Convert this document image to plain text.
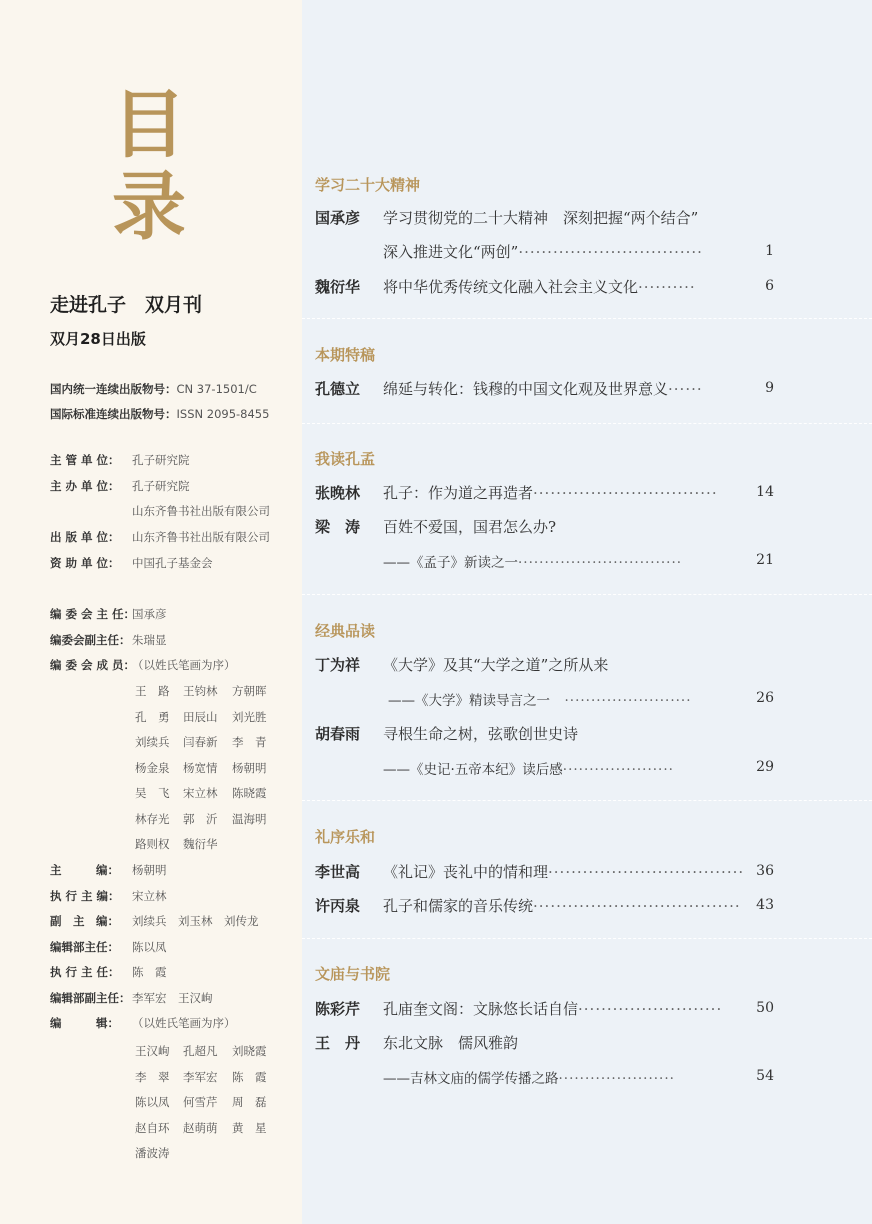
目
录
走进孔子　双月刊
双月28日出版
国内统一连续出版物号：CN 37-1501/C
国际标准连续出版物号：ISSN 2095-8455
主 管 单 位： 孔子研究院
主 办 单 位： 孔子研究院
山东齐鲁书社出版有限公司
出 版 单 位： 山东齐鲁书社出版有限公司
资 助 单 位： 中国孔子基金会
编 委 会 主 任：国承彦
编委会副主任： 朱瑞显
编 委 会 成 员：（以姓氏笔画为序）
王　路 王钧林 方朝晖
孔　勇 田辰山 刘光胜
刘续兵 闫春新 李　青
杨金泉 杨宽情 杨朝明
吴　飞 宋立林 陈晓霞
林存光 郭　沂 温海明
路则权 魏衍华
主　　　编： 杨朝明
执 行 主 编： 宋立林
副　主　编： 刘续兵　刘玉林　刘传龙
编辑部主任： 陈以凤
执 行 主 任： 陈　霞
编辑部副主任： 李军宏　王汉峋
编　　　辑： （以姓氏笔画为序）
王汉峋 孔超凡 刘晓霞
李　翠 李军宏 陈　霞
陈以凤 何雪芹 周　磊
赵自环 赵萌萌 黄　星
潘波涛
学习二十大精神
国承彦 学习贯彻党的二十大精神　深刻把握“两个结合”
深入推进文化“两创”································	1
魏衍华 将中华优秀传统文化融入社会主义文化··········	6
本期特稿
孔德立 绵延与转化：钱穆的中国文化观及世界意义······	9
我读孔孟
张晚林 孔子：作为道之再造者································	14
梁　涛 百姓不爱国，国君怎么办?
——《孟子》新读之一·······························	21
经典品读
丁为祥 《大学》及其“大学之道”之所从来
——《大学》精读导言之一　························	26
胡春雨 寻根生命之树，弦歌创世史诗
——《史记·五帝本纪》读后感·····················	29
礼序乐和
李世高 《礼记》丧礼中的情和理·································· 36
许丙泉 孔子和儒家的音乐传统···································· 43
文庙与书院
陈彩芹 孔庙奎文阁：文脉悠长话自信························· 50
王　丹 东北文脉　儒风雅韵
——吉林文庙的儒学传播之路······················	54
